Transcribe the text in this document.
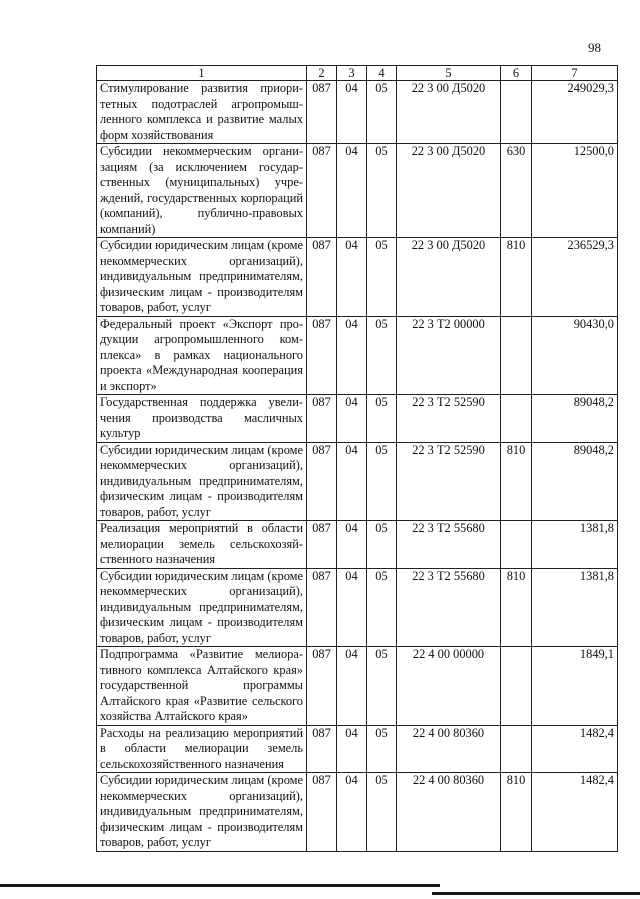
98
1	2	3	4	5	6	7
Стимулирование развития приоритетных подотраслей агропромышленного комплекса и развитие малых форм хозяйствования	087	04	05	22 3 00 Д5020		249029,3
Субсидии некоммерческим организациям (за исключением государственных (муниципальных) учреждений, государственных корпораций (компаний), публично-правовых компаний)	087	04	05	22 3 00 Д5020	630	12500,0
Субсидии юридическим лицам (кроме некоммерческих организаций), индивидуальным предпринимателям, физическим лицам - производителям товаров, работ, услуг	087	04	05	22 3 00 Д5020	810	236529,3
Федеральный проект «Экспорт продукции агропромышленного комплекса» в рамках национального проекта «Международная кооперация и экспорт»	087	04	05	22 3 Т2 00000		90430,0
Государственная поддержка увеличения производства масличных культур	087	04	05	22 3 Т2 52590		89048,2
Субсидии юридическим лицам (кроме некоммерческих организаций), индивидуальным предпринимателям, физическим лицам - производителям товаров, работ, услуг	087	04	05	22 3 Т2 52590	810	89048,2
Реализация мероприятий в области мелиорации земель сельскохозяйственного назначения	087	04	05	22 3 Т2 55680		1381,8
Субсидии юридическим лицам (кроме некоммерческих организаций), индивидуальным предпринимателям, физическим лицам - производителям товаров, работ, услуг	087	04	05	22 3 Т2 55680	810	1381,8
Подпрограмма «Развитие мелиоративного комплекса Алтайского края» государственной программы Алтайского края «Развитие сельского хозяйства Алтайского края»	087	04	05	22 4 00 00000		1849,1
Расходы на реализацию мероприятий в области мелиорации земель сельскохозяйственного назначения	087	04	05	22 4 00 80360		1482,4
Субсидии юридическим лицам (кроме некоммерческих организаций), индивидуальным предпринимателям, физическим лицам - производителям товаров, работ, услуг	087	04	05	22 4 00 80360	810	1482,4
